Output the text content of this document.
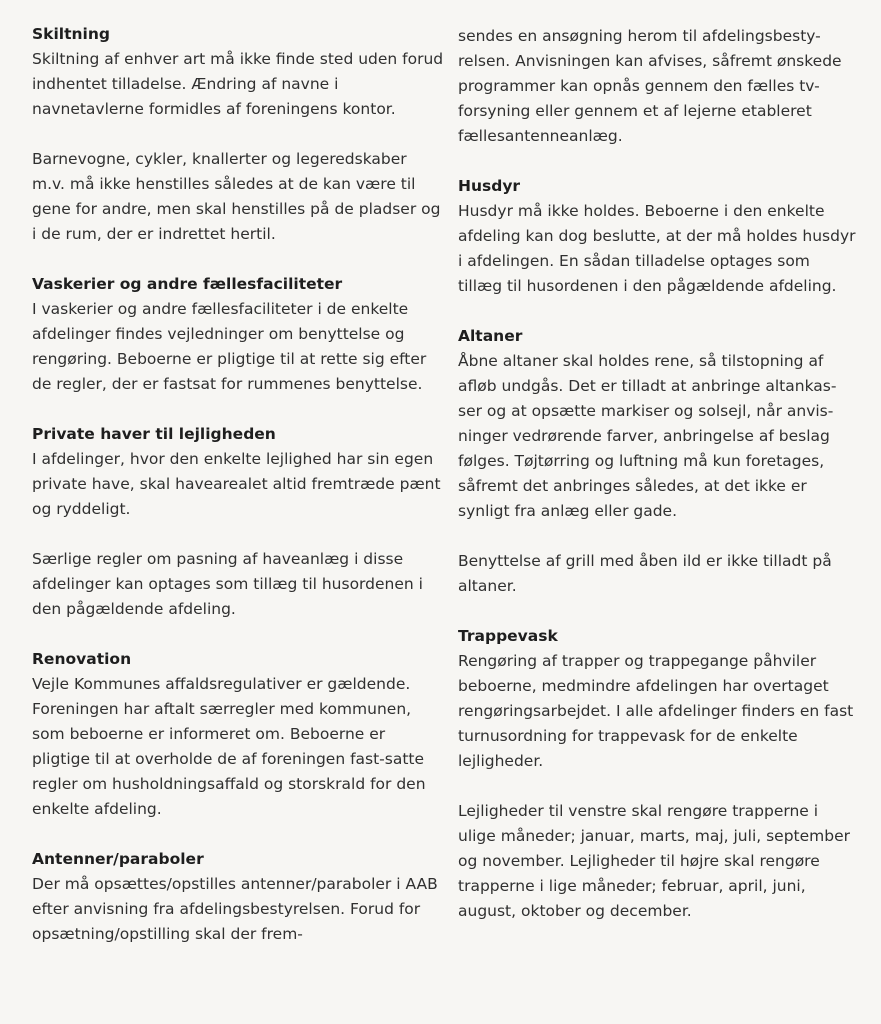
Skiltning

Skiltning af enhver art må ikke finde sted uden forud indhentet tilladelse. Ændring af navne i navnetavlerne formidles af foreningens kontor.

Barnevogne, cykler, knallerter og legeredskaber m.v. må ikke henstilles således at de kan være til gene for andre, men skal henstilles på de pladser og i de rum, der er indrettet hertil.

Vaskerier og andre fællesfaciliteter

I vaskerier og andre fællesfaciliteter i de enkelte afdelinger findes vejledninger om benyttelse og rengøring. Beboerne er pligtige til at rette sig efter de regler, der er fastsat for rummenes benyttelse.

Private haver til lejligheden

I afdelinger, hvor den enkelte lejlighed har sin egen private have, skal havearealet altid fremtræde pænt og ryddeligt.

Særlige regler om pasning af haveanlæg i disse afdelinger kan optages som tillæg til husordenen i den pågældende afdeling.

Renovation

Vejle Kommunes affaldsregulativer er gældende. Foreningen har aftalt særregler med kommunen, som beboerne er informeret om. Beboerne er pligtige til at overholde de af foreningen fast-satte regler om husholdningsaffald og storskrald for den enkelte afdeling.

Antenner/paraboler

Der må opsættes/opstilles antenner/paraboler i AAB efter anvisning fra afdelingsbestyrelsen. Forud for opsætning/opstilling skal der frem-

sendes en ansøgning herom til afdelingsbesty-relsen. Anvisningen kan afvises, såfremt ønskede programmer kan opnås gennem den fælles tv-forsyning eller gennem et af lejerne etableret fællesantenneanlæg.

Husdyr

Husdyr må ikke holdes. Beboerne i den enkelte afdeling kan dog beslutte, at der må holdes husdyr i afdelingen. En sådan tilladelse optages som tillæg til husordenen i den pågældende afdeling.

Altaner

Åbne altaner skal holdes rene, så tilstopning af afløb undgås. Det er tilladt at anbringe altankas-ser og at opsætte markiser og solsejl, når anvis-ninger vedrørende farver, anbringelse af beslag følges. Tøjtørring og luftning må kun foretages, såfremt det anbringes således, at det ikke er synligt fra anlæg eller gade.

Benyttelse af grill med åben ild er ikke tilladt på altaner.

Trappevask

Rengøring af trapper og trappegange påhviler beboerne, medmindre afdelingen har overtaget rengøringsarbejdet. I alle afdelinger finders en fast turnusordning for trappevask for de enkelte lejligheder.

Lejligheder til venstre skal rengøre trapperne i ulige måneder; januar, marts, maj, juli, september og november. Lejligheder til højre skal rengøre trapperne i lige måneder; februar, april, juni, august, oktober og december.
